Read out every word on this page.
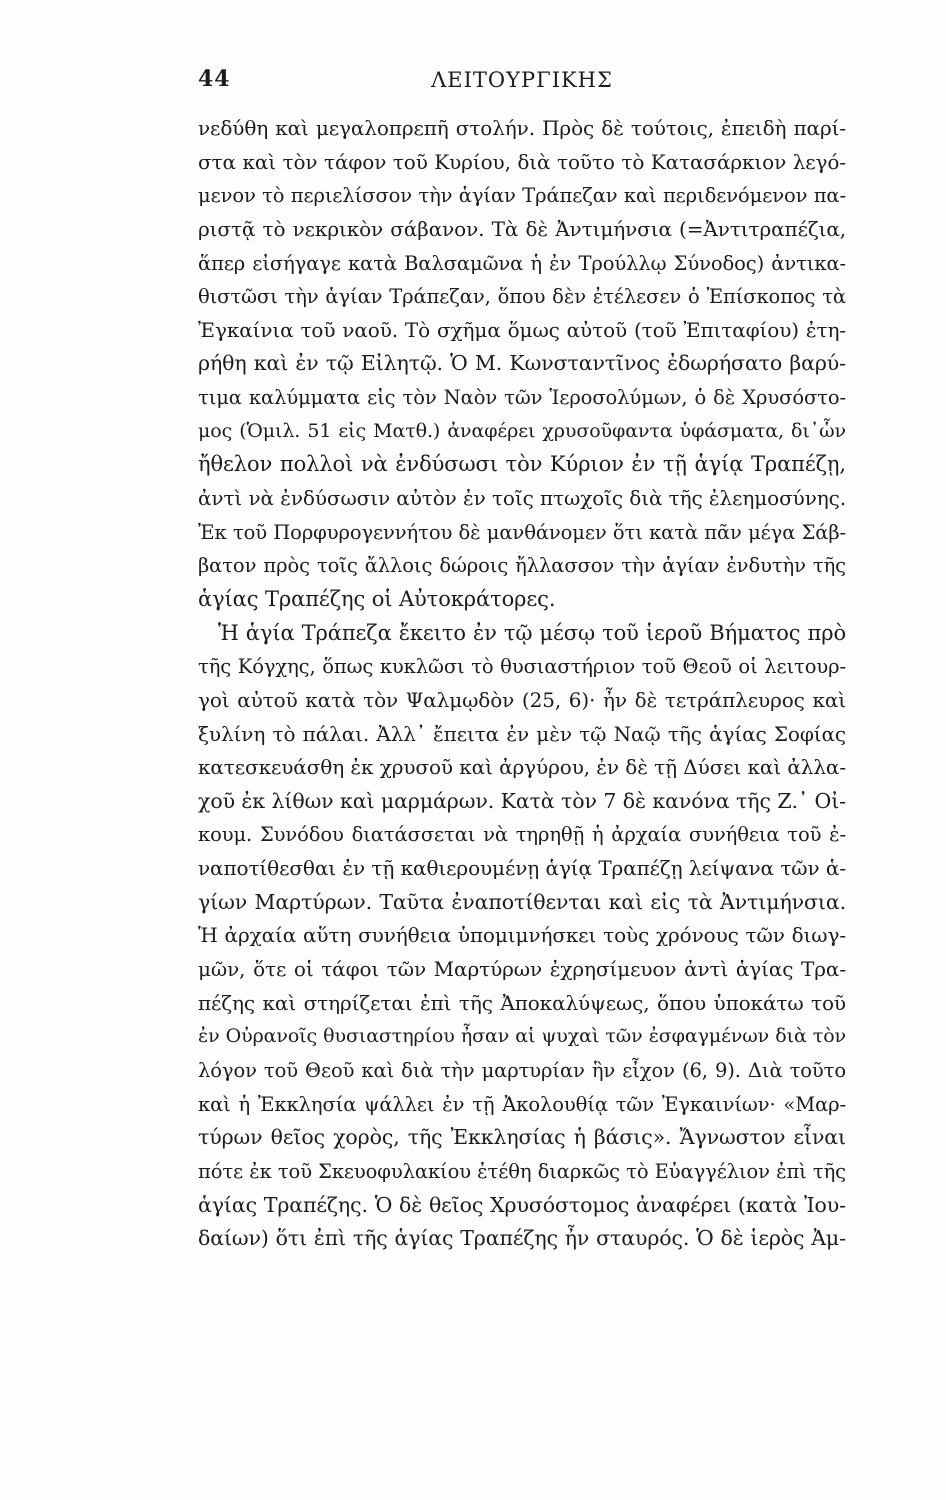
44	ΛΕΙΤΟΥΡΓΙΚΗΣ
νεδύθη καὶ μεγαλοπρεπῆ στολήν. Πρὸς δὲ τούτοις, ἐπειδὴ παρί-
στα καὶ τὸν τάφον τοῦ Κυρίου, διὰ τοῦτο τὸ Κατασάρκιον λεγό-
μενον τὸ περιελίσσον τὴν ἁγίαν Τράπεζαν καὶ περιδενόμενον πα-
ριστᾷ τὸ νεκρικὸν σάβανον. Τὰ δὲ Ἀντιμήνσια (=Ἀντιτραπέζια,
ἅπερ εἰσήγαγε κατὰ Βαλσαμῶνα ἡ ἐν Τρούλλῳ Σύνοδος) ἀντικα-
θιστῶσι τὴν ἁγίαν Τράπεζαν, ὅπου δὲν ἐτέλεσεν ὁ Ἐπίσκοπος τὰ
Ἐγκαίνια τοῦ ναοῦ. Τὸ σχῆμα ὅμως αὐτοῦ (τοῦ Ἐπιταφίου) ἐτη-
ρήθη καὶ ἐν τῷ Εἰλητῷ. Ὁ Μ. Κωνσταντῖνος ἐδωρήσατο βαρύ-
τιμα καλύμματα εἰς τὸν Ναὸν τῶν Ἱεροσολύμων, ὁ δὲ Χρυσόστο-
μος (Ὁμιλ. 51 εἰς Ματθ.) ἀναφέρει χρυσοῦφαντα ὑφάσματα, δι᾿ὧν
ἤθελον πολλοὶ νὰ ἐνδύσωσι τὸν Κύριον ἐν τῇ ἁγίᾳ Τραπέζῃ,
ἀντὶ νὰ ἐνδύσωσιν αὐτὸν ἐν τοῖς πτωχοῖς διὰ τῆς ἐλεημοσύνης.
Ἐκ τοῦ Πορφυρογεννήτου δὲ μανθάνομεν ὅτι κατὰ πᾶν μέγα Σάβ-
βατον πρὸς τοῖς ἄλλοις δώροις ἤλλασσον τὴν ἁγίαν ἐνδυτὴν τῆς
ἁγίας Τραπέζης οἱ Αὐτοκράτορες.
Ἡ ἁγία Τράπεζα ἔκειτο ἐν τῷ μέσῳ τοῦ ἱεροῦ Βήματος πρὸ
τῆς Κόγχης, ὅπως κυκλῶσι τὸ θυσιαστήριον τοῦ Θεοῦ οἱ λειτουρ-
γοὶ αὐτοῦ κατὰ τὸν Ψαλμῳδὸν (25, 6)· ἦν δὲ τετράπλευρος καὶ
ξυλίνη τὸ πάλαι. Ἀλλ᾿ ἔπειτα ἐν μὲν τῷ Ναῷ τῆς ἁγίας Σοφίας
κατεσκευάσθη ἐκ χρυσοῦ καὶ ἀργύρου, ἐν δὲ τῇ Δύσει καὶ ἀλλα-
χοῦ ἐκ λίθων καὶ μαρμάρων. Κατὰ τὸν 7 δὲ κανόνα τῆς Ζ.᾿ Οἰ-
κουμ. Συνόδου διατάσσεται νὰ τηρηθῇ ἡ ἀρχαία συνήθεια τοῦ ἐ-
ναποτίθεσθαι ἐν τῇ καθιερουμένῃ ἁγίᾳ Τραπέζῃ λείψανα τῶν ἁ-
γίων Μαρτύρων. Ταῦτα ἐναποτίθενται καὶ εἰς τὰ Ἀντιμήνσια.
Ἡ ἀρχαία αὕτη συνήθεια ὑπομιμνήσκει τοὺς χρόνους τῶν διωγ-
μῶν, ὅτε οἱ τάφοι τῶν Μαρτύρων ἐχρησίμευον ἀντὶ ἁγίας Τρα-
πέζης καὶ στηρίζεται ἐπὶ τῆς Ἀποκαλύψεως, ὅπου ὑποκάτω τοῦ
ἐν Οὐρανοῖς θυσιαστηρίου ἦσαν αἱ ψυχαὶ τῶν ἐσφαγμένων διὰ τὸν
λόγον τοῦ Θεοῦ καὶ διὰ τὴν μαρτυρίαν ἣν εἶχον (6, 9). Διὰ τοῦτο
καὶ ἡ Ἐκκλησία ψάλλει ἐν τῇ Ἀκολουθίᾳ τῶν Ἐγκαινίων· «Μαρ-
τύρων θεῖος χορὸς, τῆς Ἐκκλησίας ἡ βάσις». Ἄγνωστον εἶναι
πότε ἐκ τοῦ Σκευοφυλακίου ἐτέθη διαρκῶς τὸ Εὐαγγέλιον ἐπὶ τῆς
ἁγίας Τραπέζης. Ὁ δὲ θεῖος Χρυσόστομος ἀναφέρει (κατὰ Ἰου-
δαίων) ὅτι ἐπὶ τῆς ἁγίας Τραπέζης ἦν σταυρός. Ὁ δὲ ἱερὸς Ἀμ-
